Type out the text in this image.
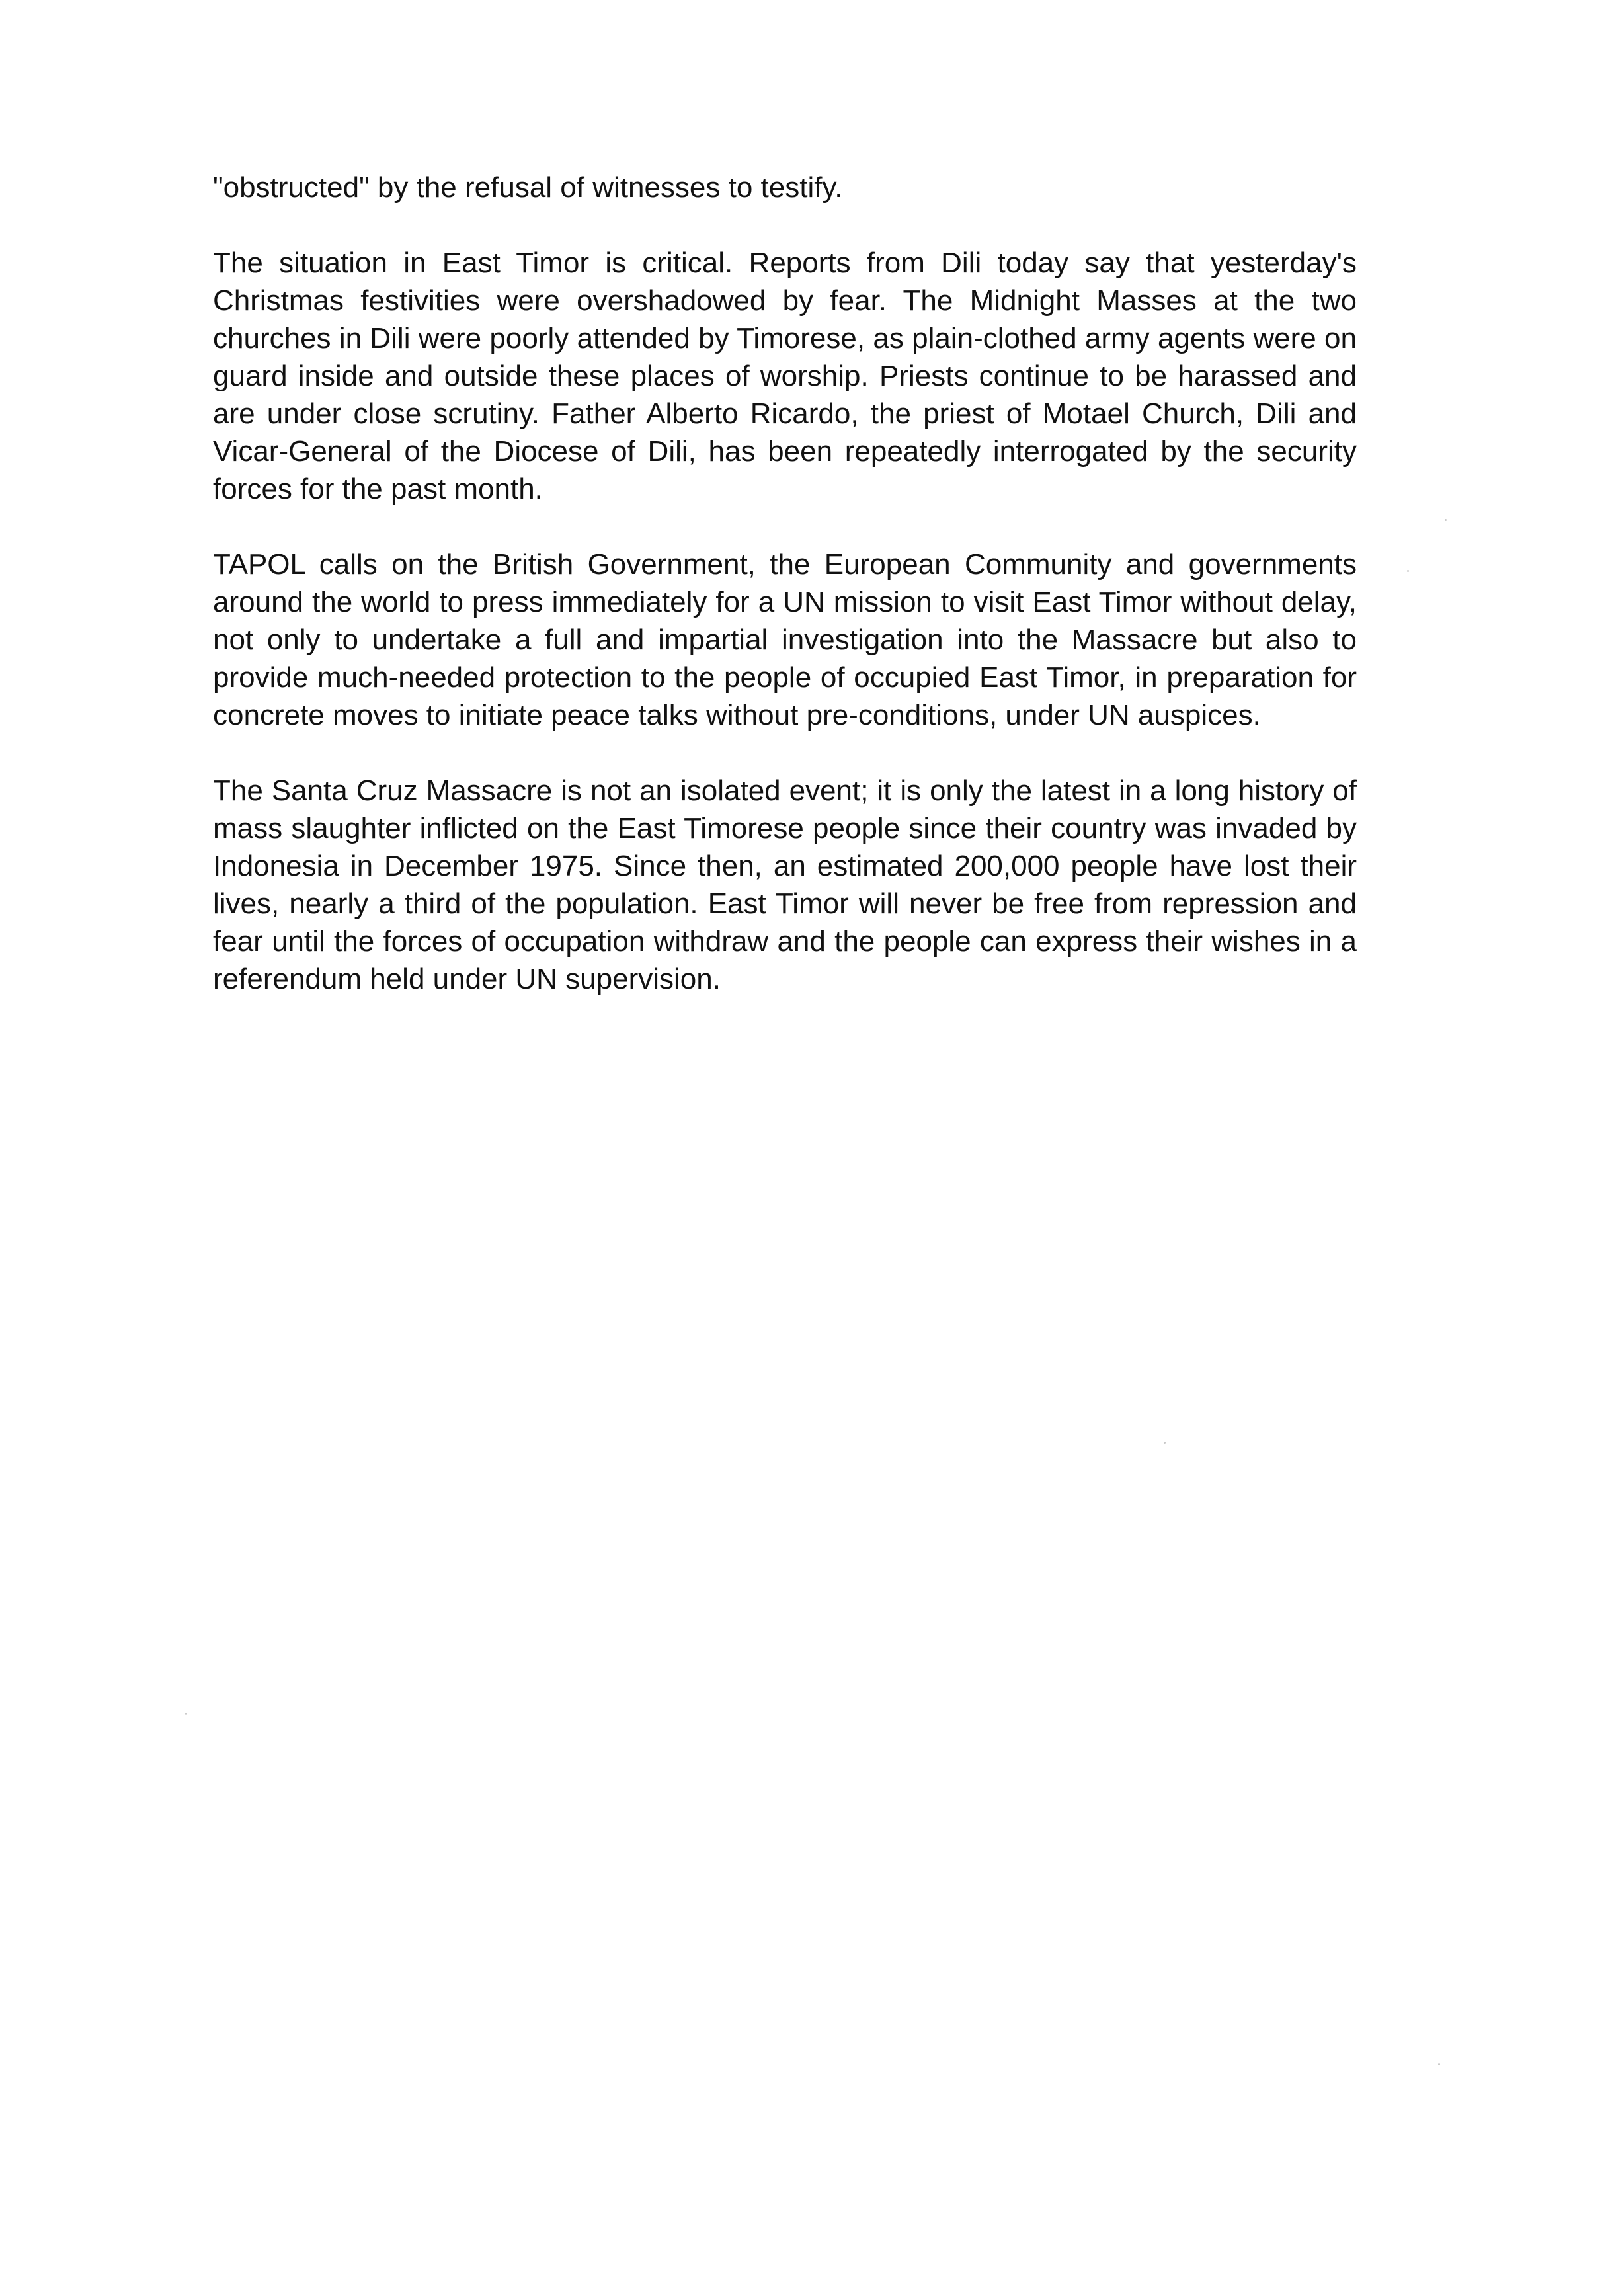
"obstructed" by the refusal of witnesses to testify.

The situation in East Timor is critical. Reports from Dili today say that yesterday's Christmas festivities were overshadowed by fear. The Midnight Masses at the two churches in Dili were poorly attended by Timorese, as plain-clothed army agents were on guard inside and outside these places of worship. Priests continue to be harassed and are under close scrutiny. Father Alberto Ricardo, the priest of Motael Church, Dili and Vicar-General of the Diocese of Dili, has been repeatedly interrogated by the security forces for the past month.

TAPOL calls on the British Government, the European Community and governments around the world to press immediately for a UN mission to visit East Timor without delay, not only to undertake a full and impartial investigation into the Massacre but also to provide much-needed protection to the people of occupied East Timor, in preparation for concrete moves to initiate peace talks without pre-conditions, under UN auspices.

The Santa Cruz Massacre is not an isolated event; it is only the latest in a long history of mass slaughter inflicted on the East Timorese people since their country was invaded by Indonesia in December 1975. Since then, an estimated 200,000 people have lost their lives, nearly a third of the population. East Timor will never be free from repression and fear until the forces of occupation withdraw and the people can express their wishes in a referendum held under UN supervision.
